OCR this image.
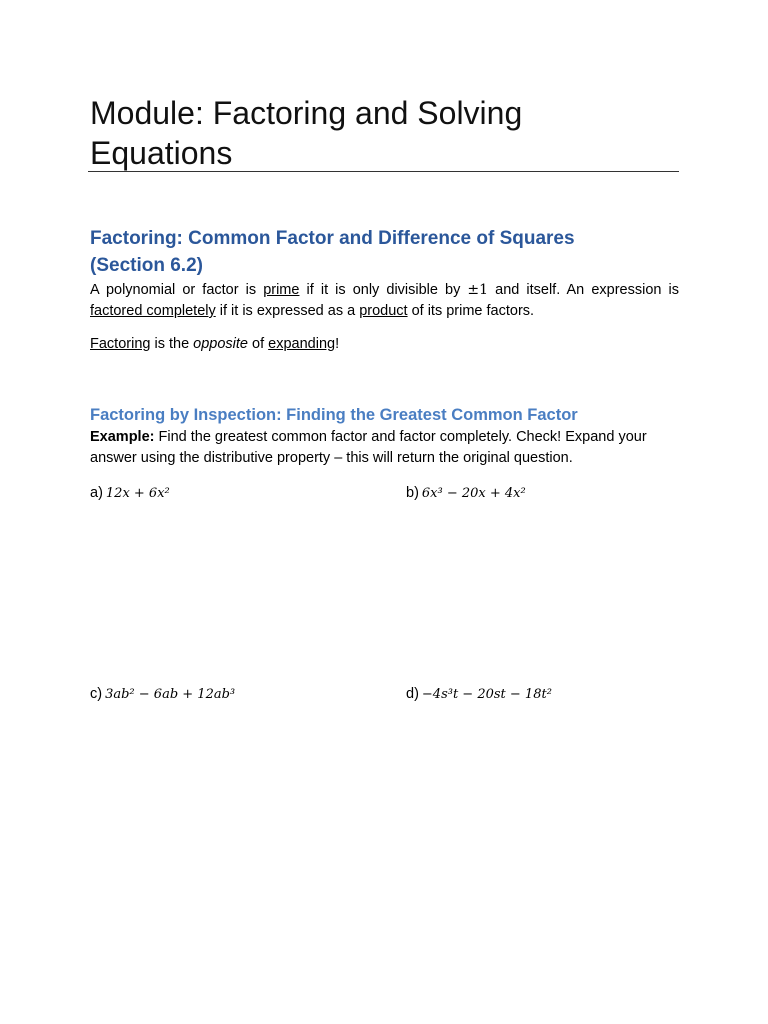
Module: Factoring and Solving
Equations
Factoring: Common Factor and Difference of Squares
(Section 6.2)

A polynomial or factor is prime if it is only divisible by ±1 and itself. An expression is factored completely if it is expressed as a product of its prime factors.

Factoring is the opposite of expanding!

Factoring by Inspection: Finding the Greatest Common Factor

Example: Find the greatest common factor and factor completely. Check! Expand your answer using the distributive property – this will return the original question.

a) 12x + 6x²	b) 6x³ − 20x + 4x²
c) 3ab² − 6ab + 12ab³	d) −4s³t − 20st − 18t²
